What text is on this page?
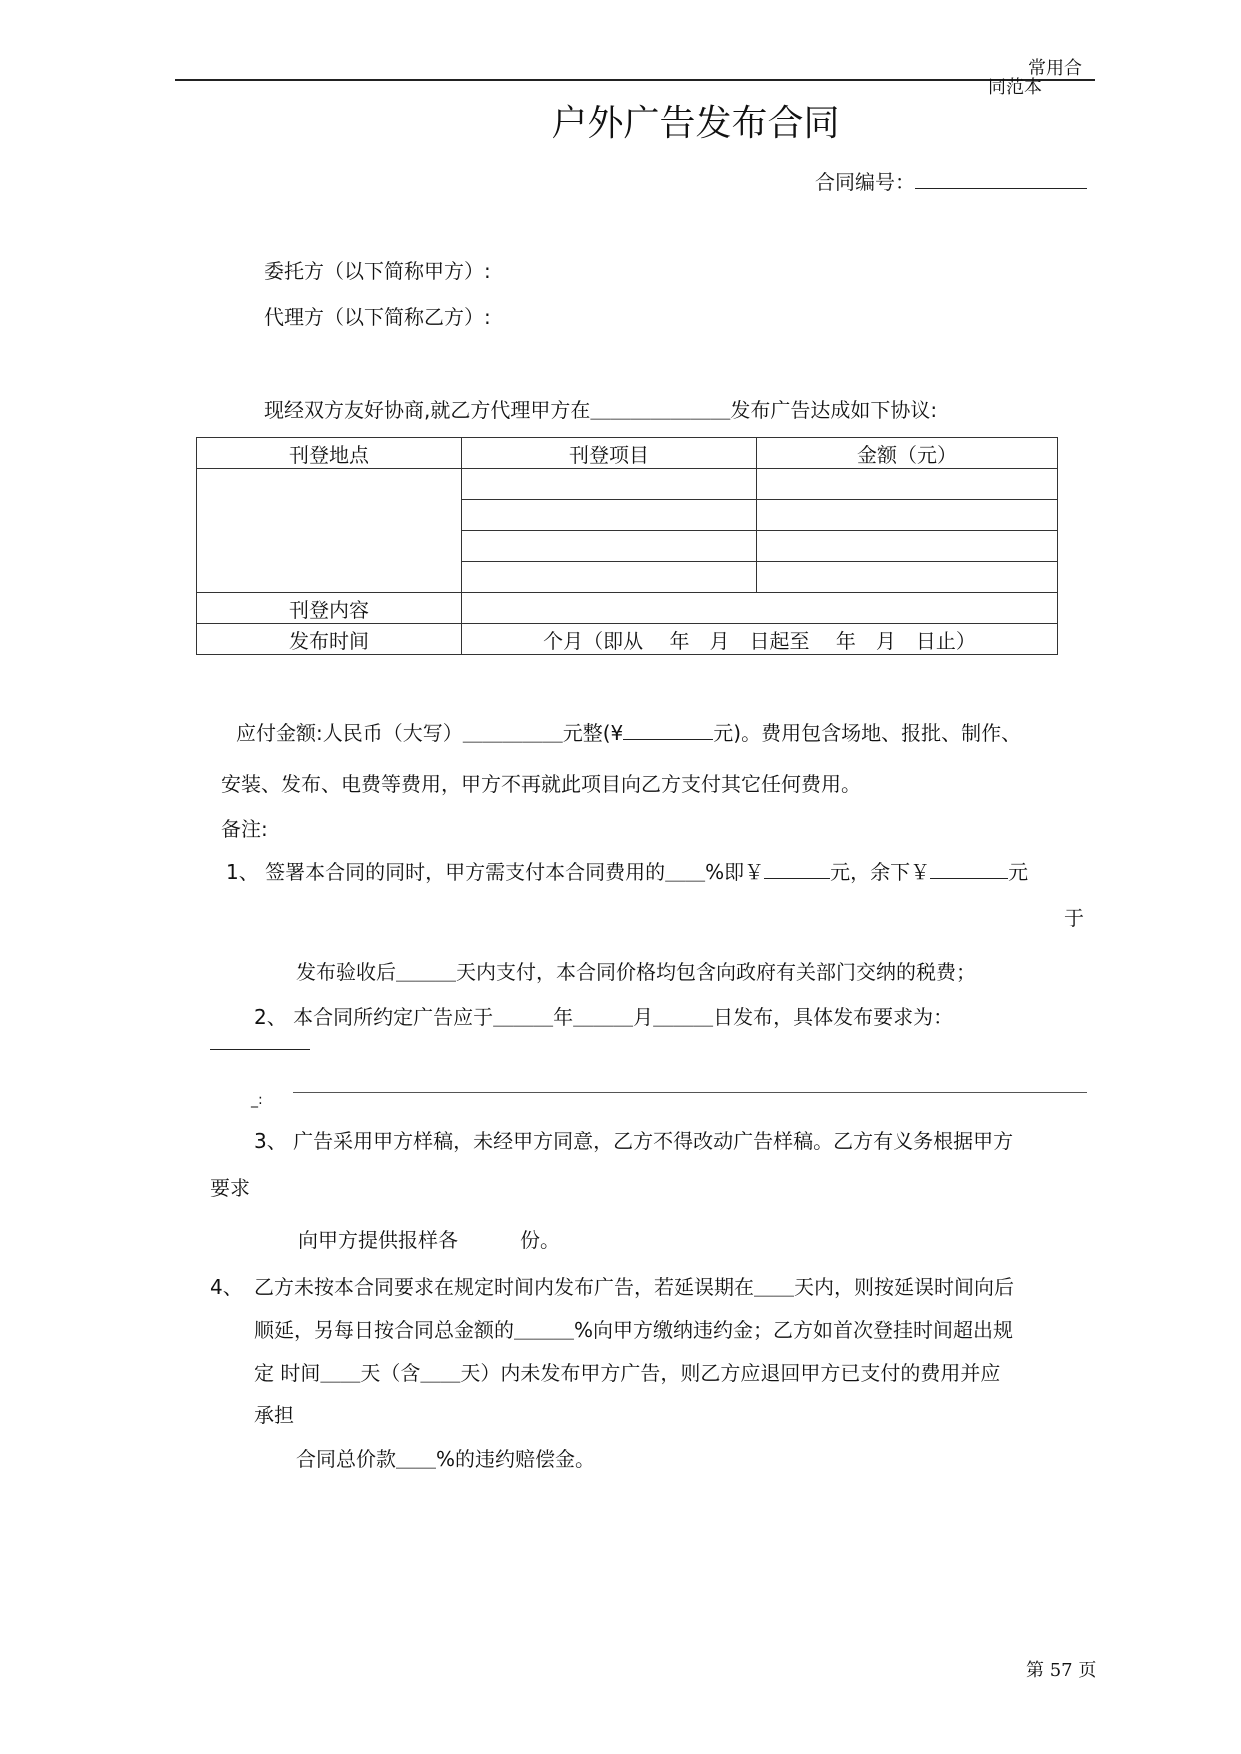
常用合
同范本
户外广告发布合同
合同编号：
委托方（以下简称甲方）:
代理方（以下简称乙方）:
现经双方友好协商,就乙方代理甲方在＿＿＿＿＿＿＿发布广告达成如下协议:
刊登地点	刊登项目	金额（元）

刊登内容		
发布时间	个月（即从　 年　月　日起至　 年　月　日止）	
应付金额:人民币（大写）＿＿＿＿＿元整(¥	元)。费用包含场地、报批、制作、
安装、发布、电费等费用，甲方不再就此项目向乙方支付其它任何费用。
备注:
1、 签署本合同的同时，甲方需支付本合同费用的＿＿%即￥	元，余下￥	元
于
发布验收后＿＿＿天内支付，本合同价格均包含向政府有关部门交纳的税费；
2、 本合同所约定广告应于＿＿＿年＿＿＿月＿＿＿日发布，具体发布要求为：
_:
3、 广告采用甲方样稿，未经甲方同意，乙方不得改动广告样稿。乙方有义务根据甲方
要求
向甲方提供报样各	份。
4、 乙方未按本合同要求在规定时间内发布广告，若延误期在＿＿天内，则按延误时间向后
顺延，另每日按合同总金额的＿＿＿%向甲方缴纳违约金；乙方如首次登挂时间超出规
定 时间＿＿天（含＿＿天）内未发布甲方广告，则乙方应退回甲方已支付的费用并应
承担
合同总价款＿＿%的违约赔偿金。
第 57 页
